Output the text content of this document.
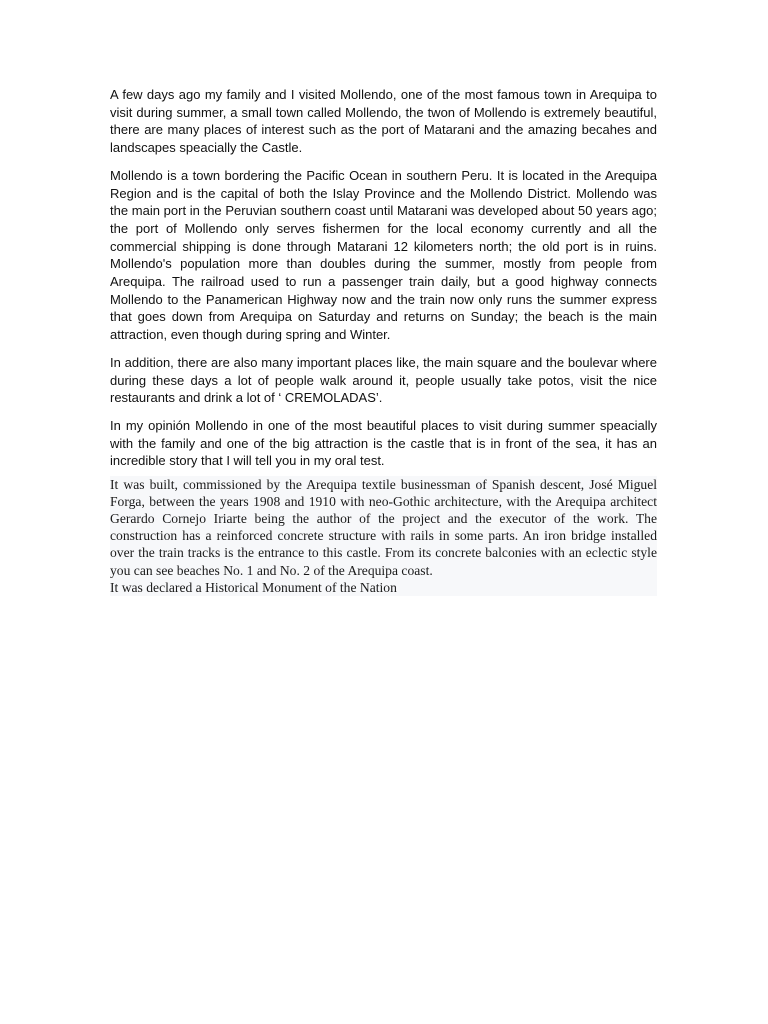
A few days ago my family and I visited Mollendo, one of the most famous town in Arequipa to visit during summer, a small town called Mollendo, the twon of Mollendo is extremely beautiful, there are many places of interest such as the port of Matarani and the amazing becahes and landscapes speacially the Castle.

Mollendo is a town bordering the Pacific Ocean in southern Peru. It is located in the Arequipa Region and is the capital of both the Islay Province and the Mollendo District. Mollendo was the main port in the Peruvian southern coast until Matarani was developed about 50 years ago; the port of Mollendo only serves fishermen for the local economy currently and all the commercial shipping is done through Matarani 12 kilometers north; the old port is in ruins. Mollendo's population more than doubles during the summer, mostly from people from Arequipa. The railroad used to run a passenger train daily, but a good highway connects Mollendo to the Panamerican Highway now and the train now only runs the summer express that goes down from Arequipa on Saturday and returns on Sunday; the beach is the main attraction, even though during spring and Winter.

In addition, there are also many important places like, the main square and the boulevar where during these days a lot of people walk around it, people usually take potos, visit the nice restaurants and drink a lot of ‘ CREMOLADAS’.

In my opinión Mollendo in one of the most beautiful places to visit during summer speacially with the family and one of the big attraction is the castle that is in front of the sea, it has an incredible story that I will tell you in my oral test.

It was built, commissioned by the Arequipa textile businessman of Spanish descent, José Miguel Forga, between the years 1908 and 1910 with neo-Gothic architecture, with the Arequipa architect Gerardo Cornejo Iriarte being the author of the project and the executor of the work. The construction has a reinforced concrete structure with rails in some parts. An iron bridge installed over the train tracks is the entrance to this castle. From its concrete balconies with an eclectic style you can see beaches No. 1 and No. 2 of the Arequipa coast.

It was declared a Historical Monument of the Nation
